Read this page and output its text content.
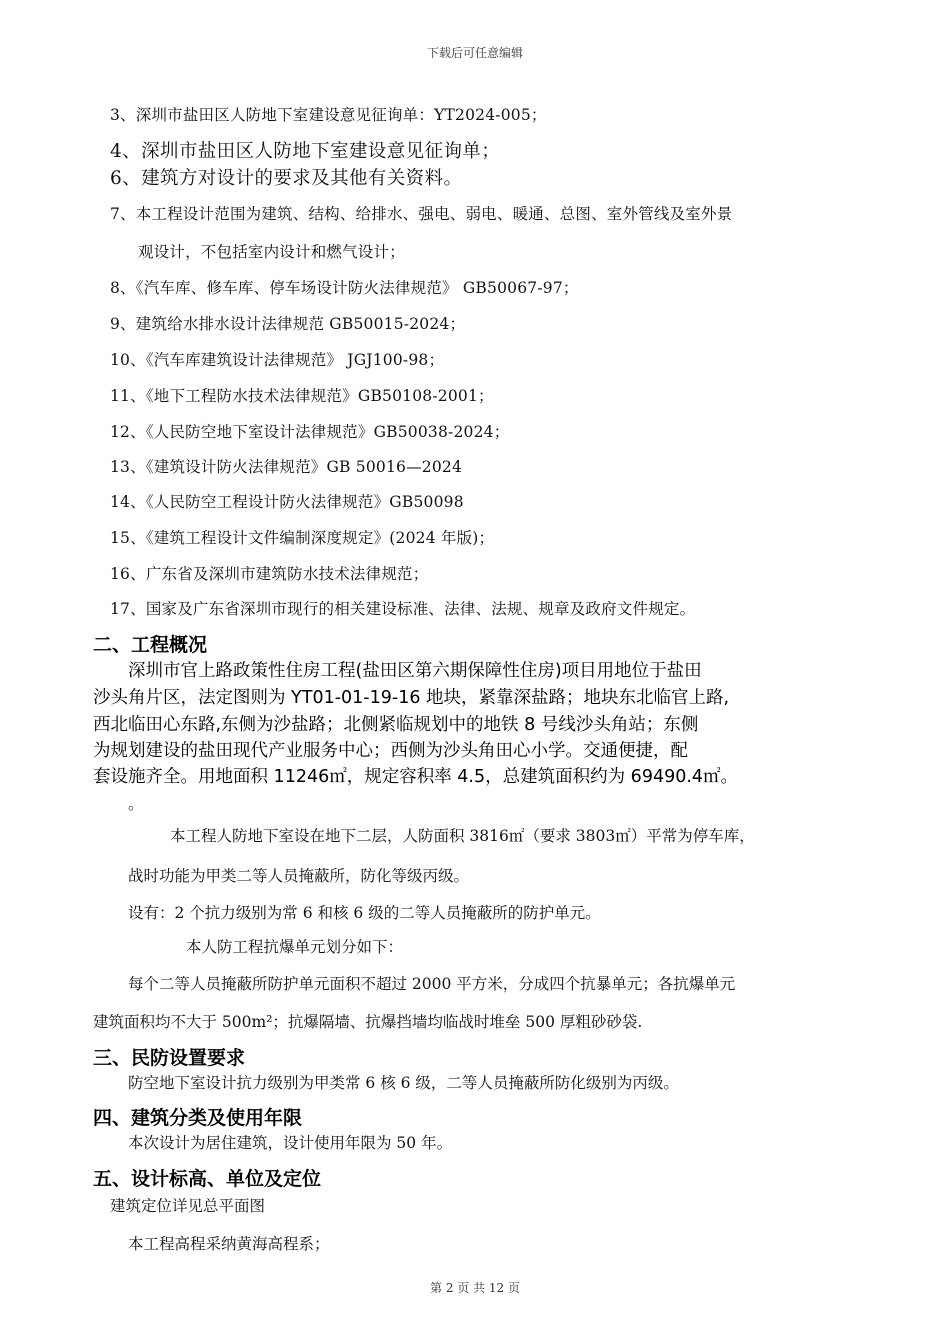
下载后可任意编辑
3、深圳市盐田区人防地下室建设意见征询单：YT2024-005；
4、深圳市盐田区人防地下室建设意见征询单；
6、建筑方对设计的要求及其他有关资料。
7、本工程设计范围为建筑、结构、给排水、强电、弱电、暖通、总图、室外管线及室外景
观设计，不包括室内设计和燃气设计；
8、《汽车库、修车库、停车场设计防火法律规范》 GB50067-97；
9、建筑给水排水设计法律规范 GB50015-2024；
10、《汽车库建筑设计法律规范》 JGJ100-98；
11、《地下工程防水技术法律规范》GB50108-2001；
12、《人民防空地下室设计法律规范》GB50038-2024；
13、《建筑设计防火法律规范》GB 50016—2024
14、《人民防空工程设计防火法律规范》GB50098
15、《建筑工程设计文件编制深度规定》(2024 年版)；
16、广东省及深圳市建筑防水技术法律规范；
17、国家及广东省深圳市现行的相关建设标准、法律、法规、规章及政府文件规定。
二、工程概况
深圳市官上路政策性住房工程(盐田区第六期保障性住房)项目用地位于盐田
沙头角片区，法定图则为 YT01-01-19-16 地块，紧靠深盐路；地块东北临官上路,
西北临田心东路,东侧为沙盐路；北侧紧临规划中的地铁 8 号线沙头角站；东侧
为规划建设的盐田现代产业服务中心；西侧为沙头角田心小学。交通便捷，配
套设施齐全。用地面积 11246㎡，规定容积率 4.5，总建筑面积约为 69490.4㎡。
。
本工程人防地下室设在地下二层，人防面积 3816㎡（要求 3803㎡）平常为停车库，
战时功能为甲类二等人员掩蔽所，防化等级丙级。
设有：2 个抗力级别为常 6 和核 6 级的二等人员掩蔽所的防护单元。
本人防工程抗爆单元划分如下：
每个二等人员掩蔽所防护单元面积不超过 2000 平方米，分成四个抗暴单元；各抗爆单元
建筑面积均不大于 500m²；抗爆隔墙、抗爆挡墙均临战时堆垒 500 厚粗砂砂袋.
三、民防设置要求
防空地下室设计抗力级别为甲类常 6 核 6 级，二等人员掩蔽所防化级别为丙级。
四、建筑分类及使用年限
本次设计为居住建筑，设计使用年限为 50 年。
五、设计标高、单位及定位
建筑定位详见总平面图
本工程高程采纳黄海高程系；
第 2 页 共 12 页
